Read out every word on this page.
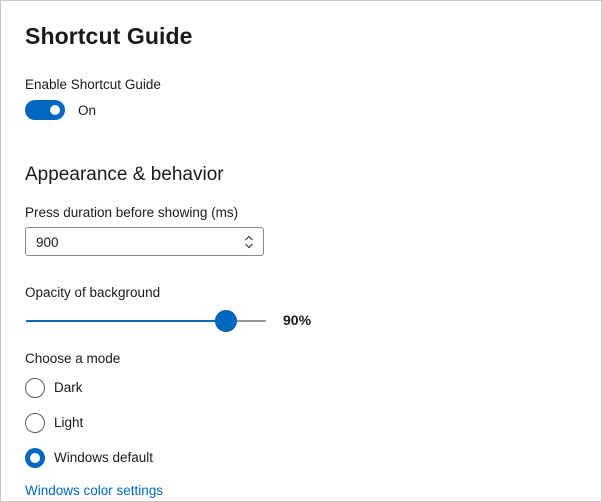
Shortcut Guide
Enable Shortcut Guide
On
Appearance & behavior
Press duration before showing (ms)
900
Opacity of background
90%
Choose a mode
Dark
Light
Windows default
Windows color settings
